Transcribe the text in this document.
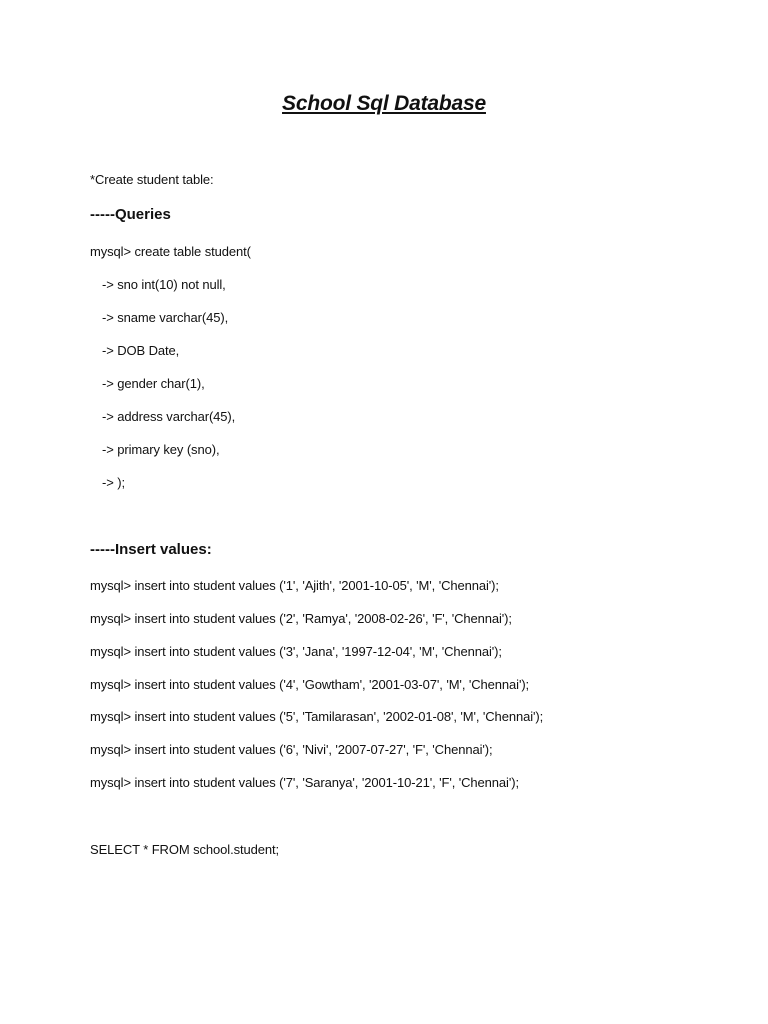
School Sql Database
*Create student table:
-----Queries
mysql> create table student(
-> sno int(10) not null,
-> sname varchar(45),
-> DOB Date,
-> gender char(1),
-> address varchar(45),
-> primary key (sno),
-> );
-----Insert values:
mysql> insert into student values ('1', 'Ajith', '2001-10-05', 'M', 'Chennai');
mysql> insert into student values ('2', 'Ramya', '2008-02-26', 'F', 'Chennai');
mysql> insert into student values ('3', 'Jana', '1997-12-04', 'M', 'Chennai');
mysql> insert into student values ('4', 'Gowtham', '2001-03-07', 'M', 'Chennai');
mysql> insert into student values ('5', 'Tamilarasan', '2002-01-08', 'M', 'Chennai');
mysql> insert into student values ('6', 'Nivi', '2007-07-27', 'F', 'Chennai');
mysql> insert into student values ('7', 'Saranya', '2001-10-21', 'F', 'Chennai');
SELECT * FROM school.student;
